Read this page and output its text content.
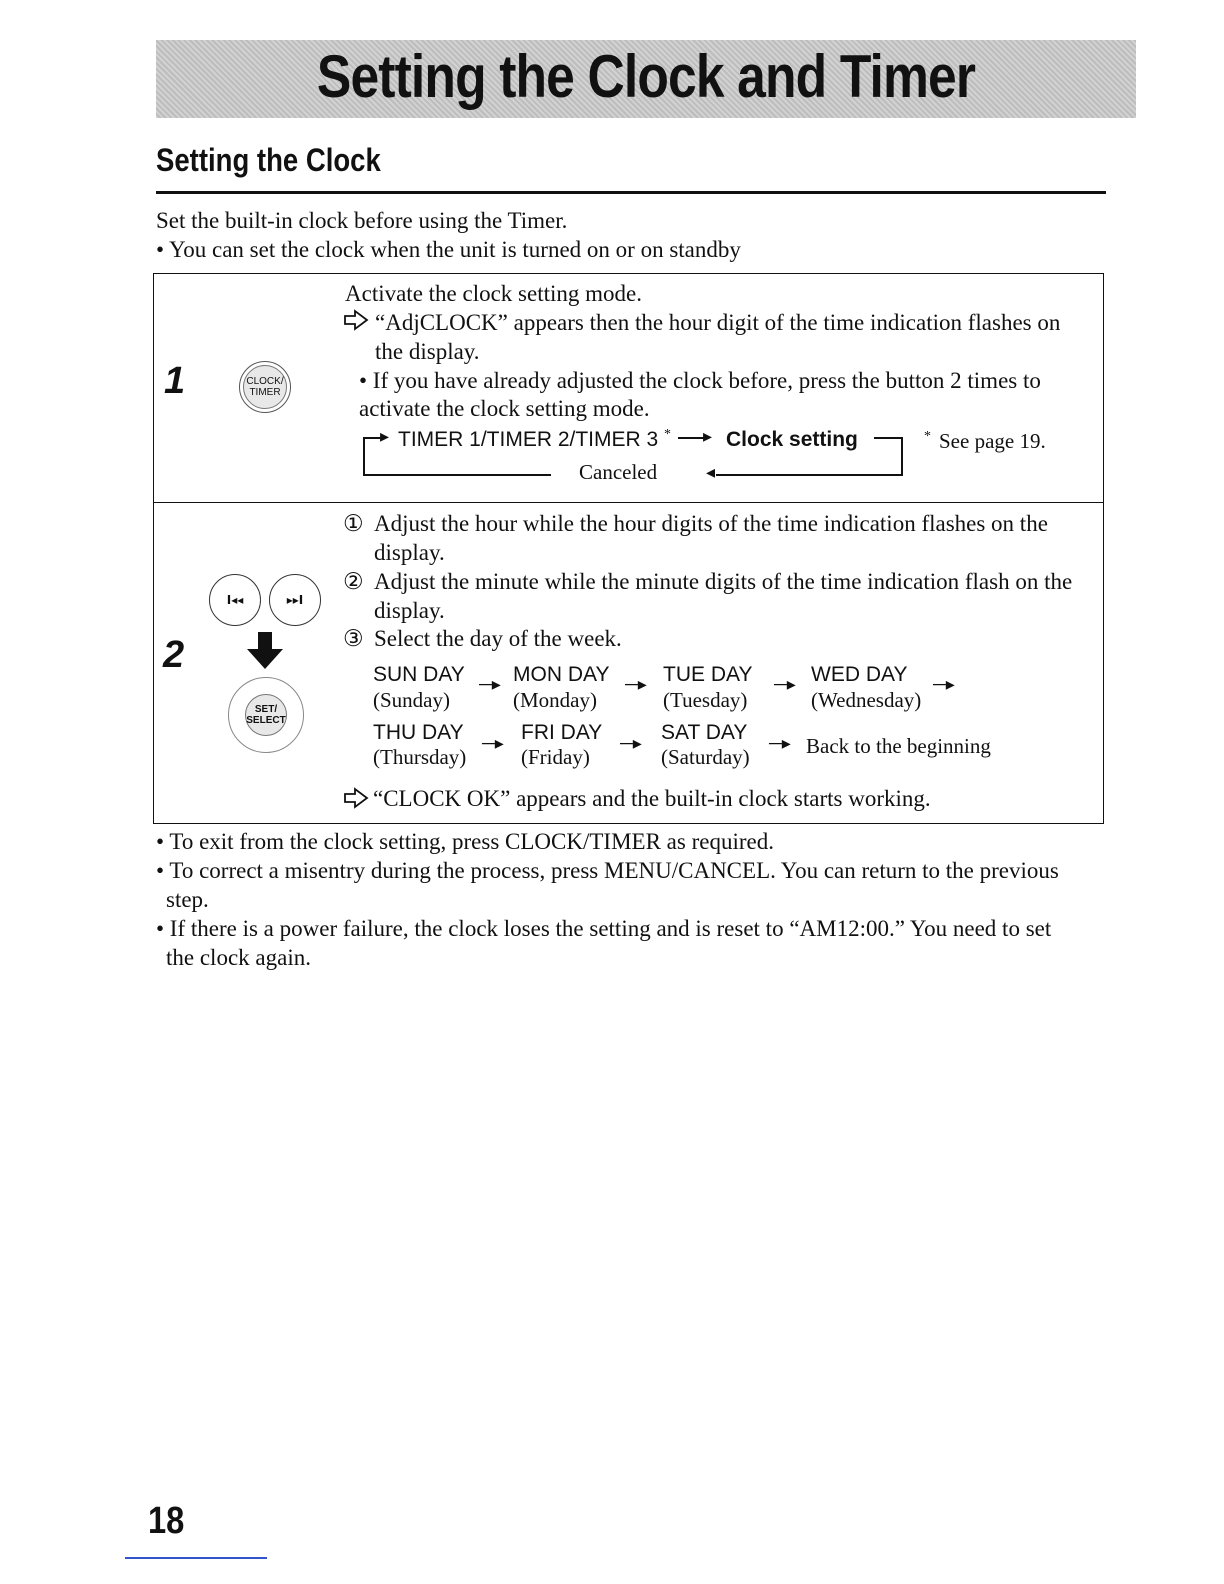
Setting the Clock and Timer
Setting the Clock
Set the built-in clock before using the Timer.
• You can set the clock when the unit is turned on or on standby
1	CLOCK/ TIMER
Activate the clock setting mode.
“AdjCLOCK” appears then the hour digit of the time indication flashes on
the display.
• If you have already adjusted the clock before, press the button 2 times to
activate the clock setting mode.
▸ TIMER 1/TIMER 2/TIMER 3 * ▸ Clock setting
◂
Canceled
* See page 19.
2
I◂◂	▸▸I
SET/ SELECT
① Adjust the hour while the hour digits of the time indication flashes on the
display.
② Adjust the minute while the minute digits of the time indication flash on the
display.
③ Select the day of the week.
SUN DAY
(Sunday)
─▸ MON DAY
(Monday)
─▸ TUE DAY
(Tuesday)
─▸ WED DAY
(Wednesday)
─▸
THU DAY
(Thursday)
─▸ FRI DAY
(Friday)
─▸ SAT DAY
(Saturday)
─▸ Back to the beginning
“CLOCK OK” appears and the built-in clock starts working.
• To exit from the clock setting, press CLOCK/TIMER as required.
• To correct a misentry during the process, press MENU/CANCEL. You can return to the previous
step.
• If there is a power failure, the clock loses the setting and is reset to “AM12:00.” You need to set
the clock again.
18
